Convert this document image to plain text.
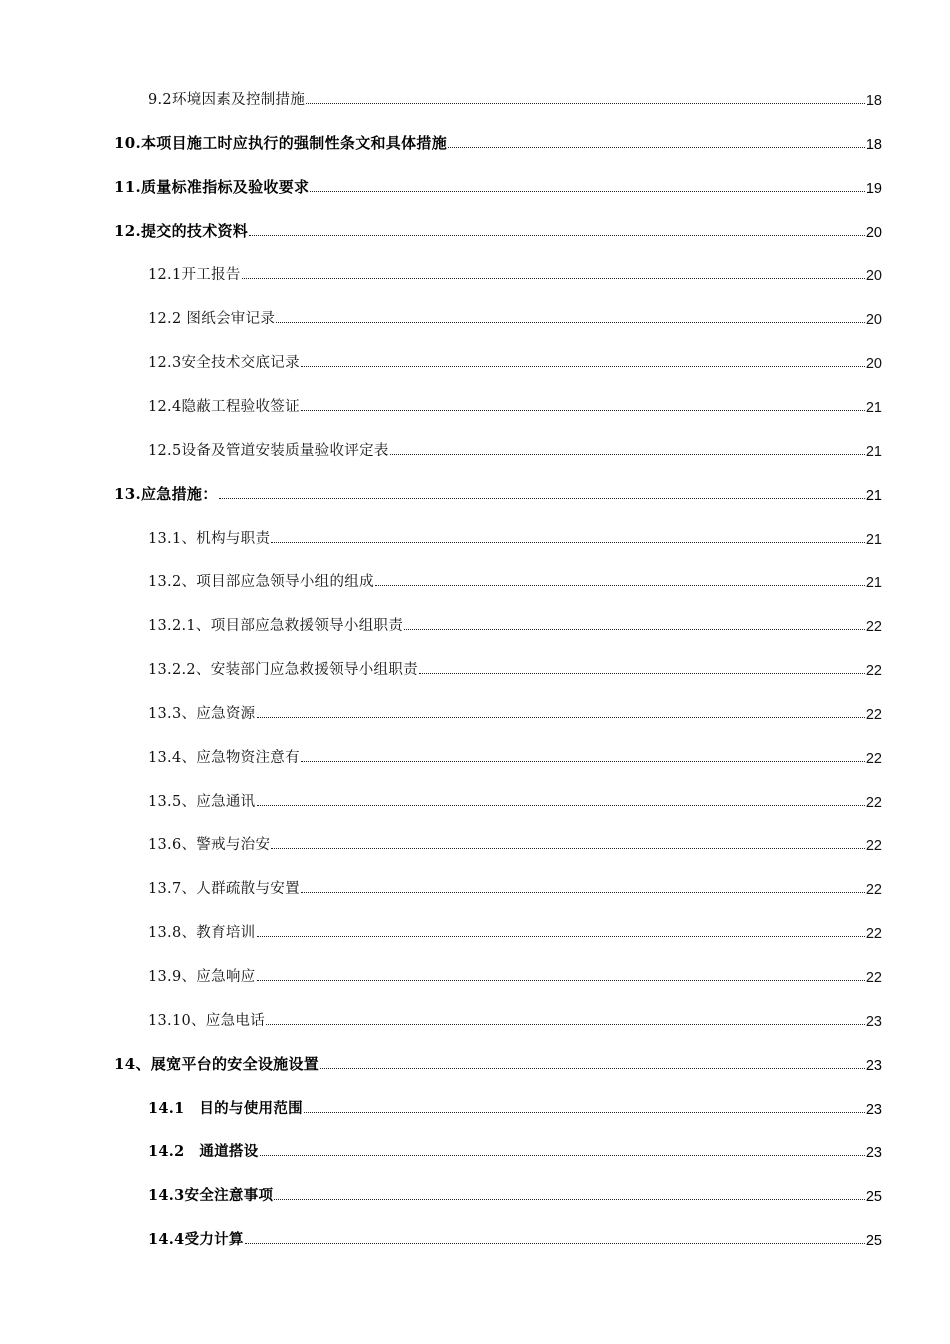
9.2环境因素及控制措施	18
10.本项目施工时应执行的强制性条文和具体措施	18
11.质量标准指标及验收要求	19
12.提交的技术资料	20
12.1开工报告	20
12.2 图纸会审记录	20
12.3安全技术交底记录	20
12.4隐蔽工程验收签证	21
12.5设备及管道安装质量验收评定表	21
13.应急措施：	21
13.1、机构与职责	21
13.2、项目部应急领导小组的组成	21
13.2.1、项目部应急救援领导小组职责	22
13.2.2、安装部门应急救援领导小组职责	22
13.3、应急资源	22
13.4、应急物资注意有	22
13.5、应急通讯	22
13.6、警戒与治安	22
13.7、人群疏散与安置	22
13.8、教育培训	22
13.9、应急响应	22
13.10、应急电话	23
14、展宽平台的安全设施设置	23
14.1　目的与使用范围	23
14.2　通道搭设	23
14.3安全注意事项	25
14.4受力计算	25
